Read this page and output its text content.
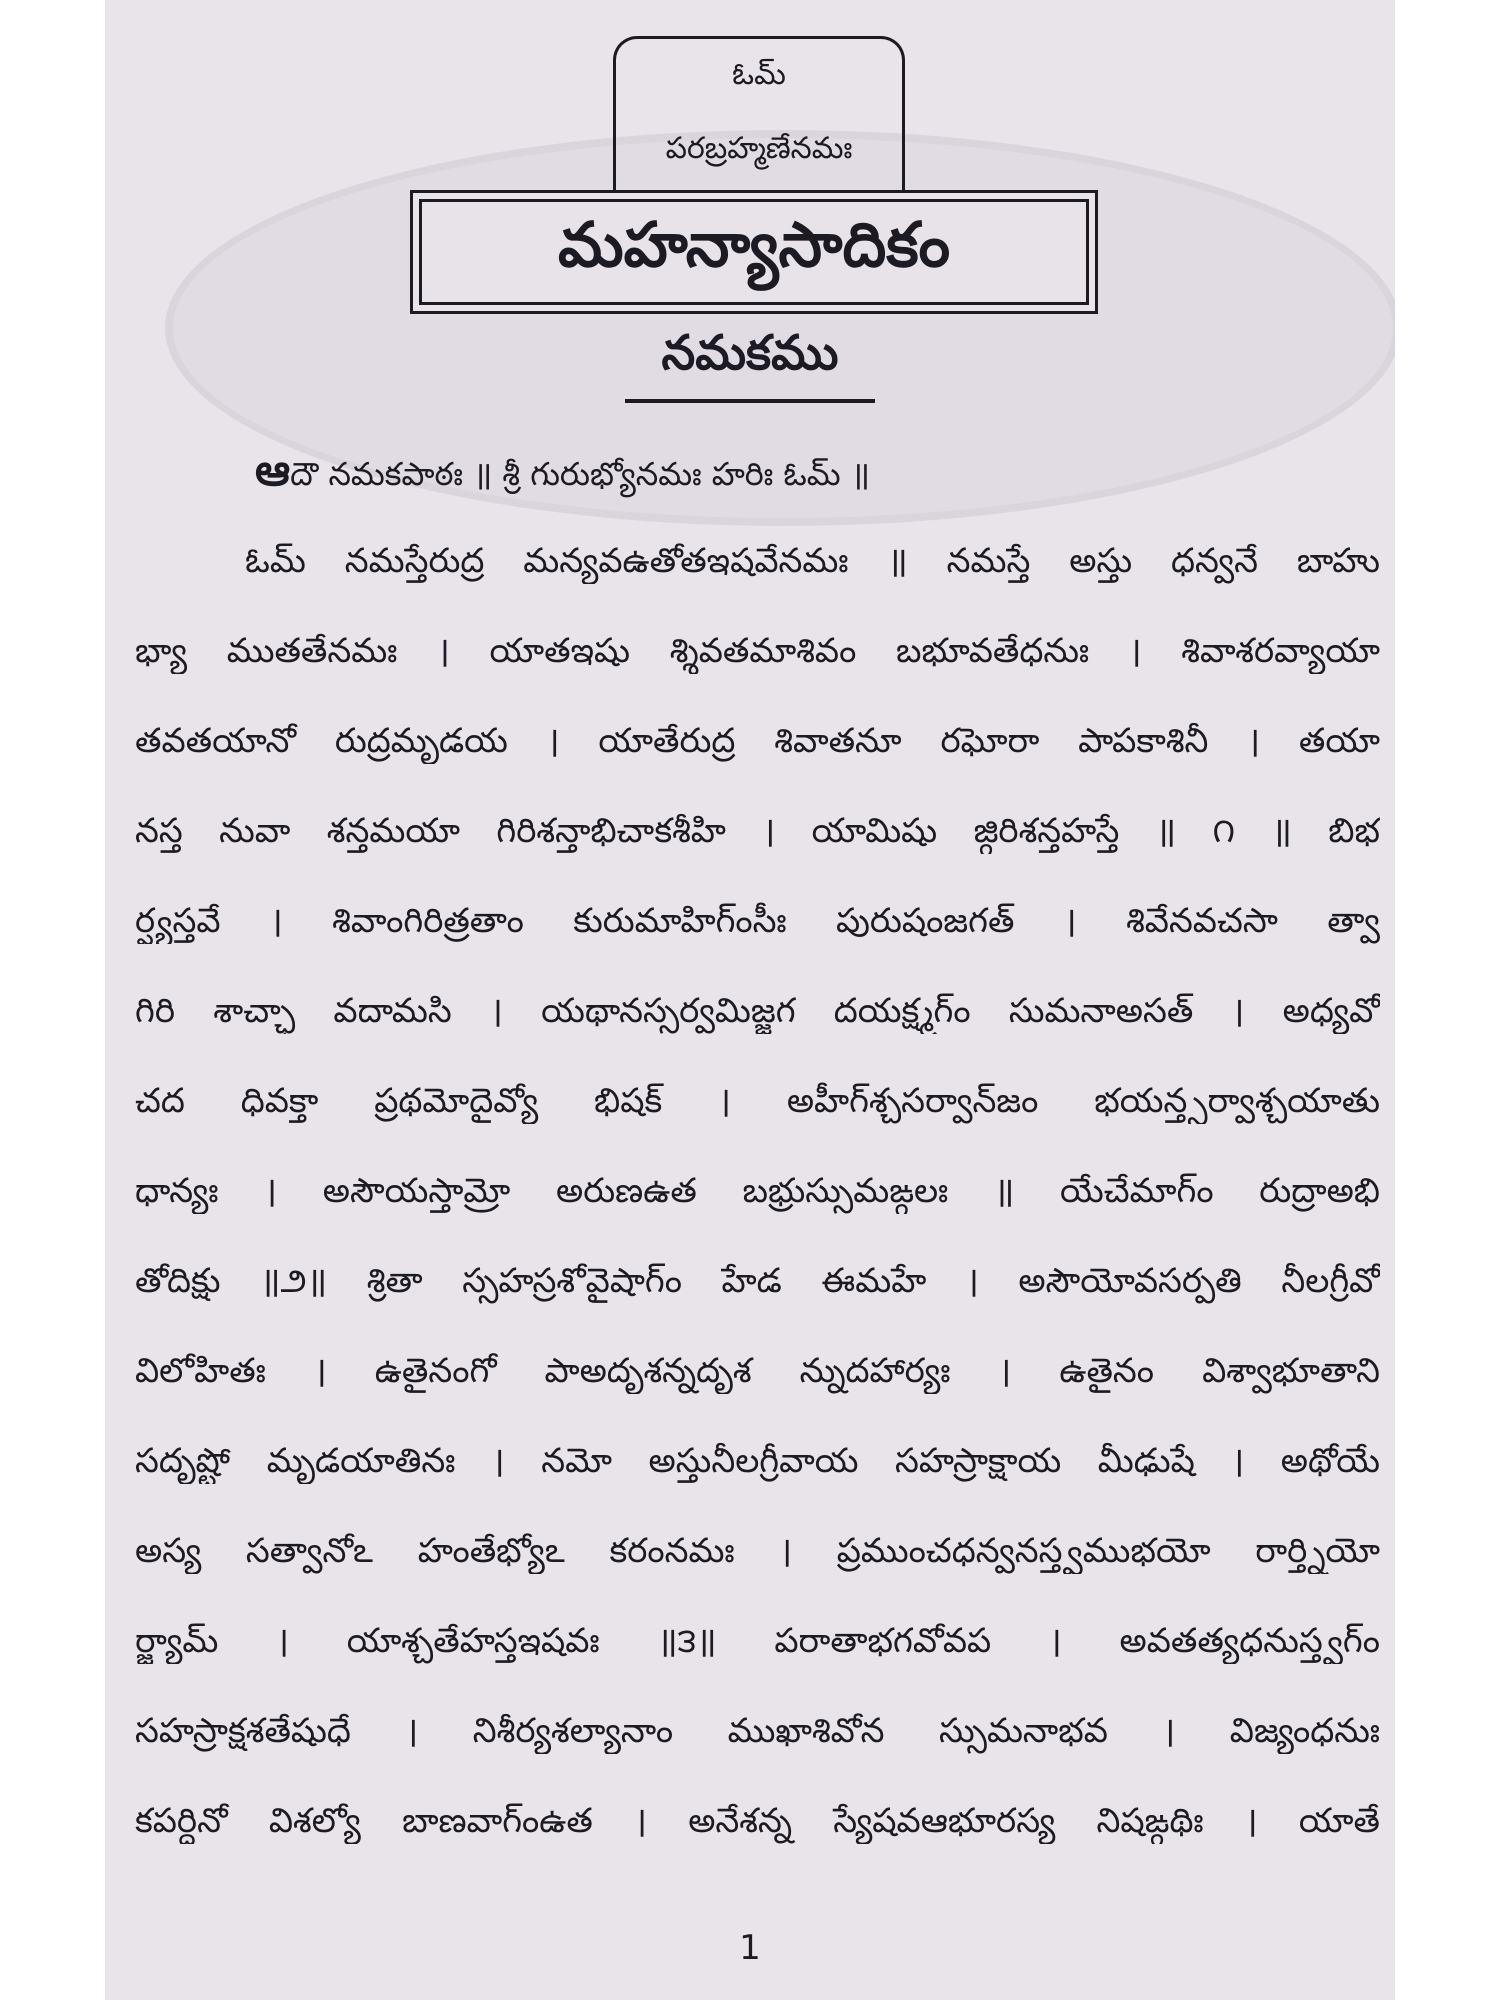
ఓమ్
పరబ్రహ్మణేనమః
మహన్యాసాదికం
నమకము
ఆదౌ నమకపాఠః ॥ శ్రీ గురుభ్యోనమః హరిః ఓమ్ ॥
ఓమ్ నమస్తేరుద్ర మన్యవఉతోతఇషవేనమః ॥ నమస్తే అస్తు ధన్వనే బాహు
భ్యా ముతతేనమః । యాతఇషు శ్శివతమాశివం బభూవతేధనుః । శివాశరవ్యాయా
తవతయానో రుద్రమృడయ । యాతేరుద్ర శివాతనూ రఘోరా పాపకాశినీ । తయా
నస్త నువా శన్తమయా గిరిశన్తాభిచాకశీహి । యామిషు జ్గిరిశన్తహస్తే ॥ ౧ ॥ బిభ
ర్ష్యస్తవే । శివాంగిరిత్రతాం కురుమాహిగ్ంసీః పురుషంజగత్ । శివేనవచసా త్వా
గిరి శాచ్ఛా వదామసి । యథానస్సర్వమిజ్జగ దయక్ష్మగ్ం సుమనాఅసత్ । అధ్యవో
చద ధివక్తా ప్రథమోదైవ్యో భిషక్ । అహీగ్‌శ్చసర్వాన్‌జం భయన్త్సర్వాశ్చయాతు
ధాన్యః । అసౌయస్తామ్రో అరుణఉత బభ్రుస్సుమఙ్గలః ॥ యేచేమాగ్ం రుద్రాఅభి
తోదిక్షు ॥౨॥ శ్రితా స్సహస్రశోవైషాగ్ం హేడ ఈమహే । అసౌయోవసర్పతి నీలగ్రీవో
విలోహితః । ఉతైనంగో పాఅదృశన్నదృశ న్నుదహార్యః । ఉతైనం విశ్వాభూతాని
సదృష్టో మృడయాతినః । నమో అస్తునీలగ్రీవాయ సహస్రాక్షాయ మీఢుషే । అథోయే
అస్య సత్వానోఽ హంతేభ్యోఽ కరంనమః । ప్రముంచధన్వనస్త్వముభయో రార్త్నియో
ర్జ్యామ్ । యాశ్చతేహస్తఇషవః ॥౩॥ పరాతాభగవోవప । అవతత్యధనుస్త్వగ్ం
సహస్రాక్షశతేషుధే । నిశీర్యశల్యానాం ముఖాశివోన స్సుమనాభవ । విజ్యంధనుః
కపర్దినో విశల్యో బాణవాగ్ంఉత । అనేశన్న స్యేషవఆభూరస్య నిషఙ్గథిః । యాతే
1
